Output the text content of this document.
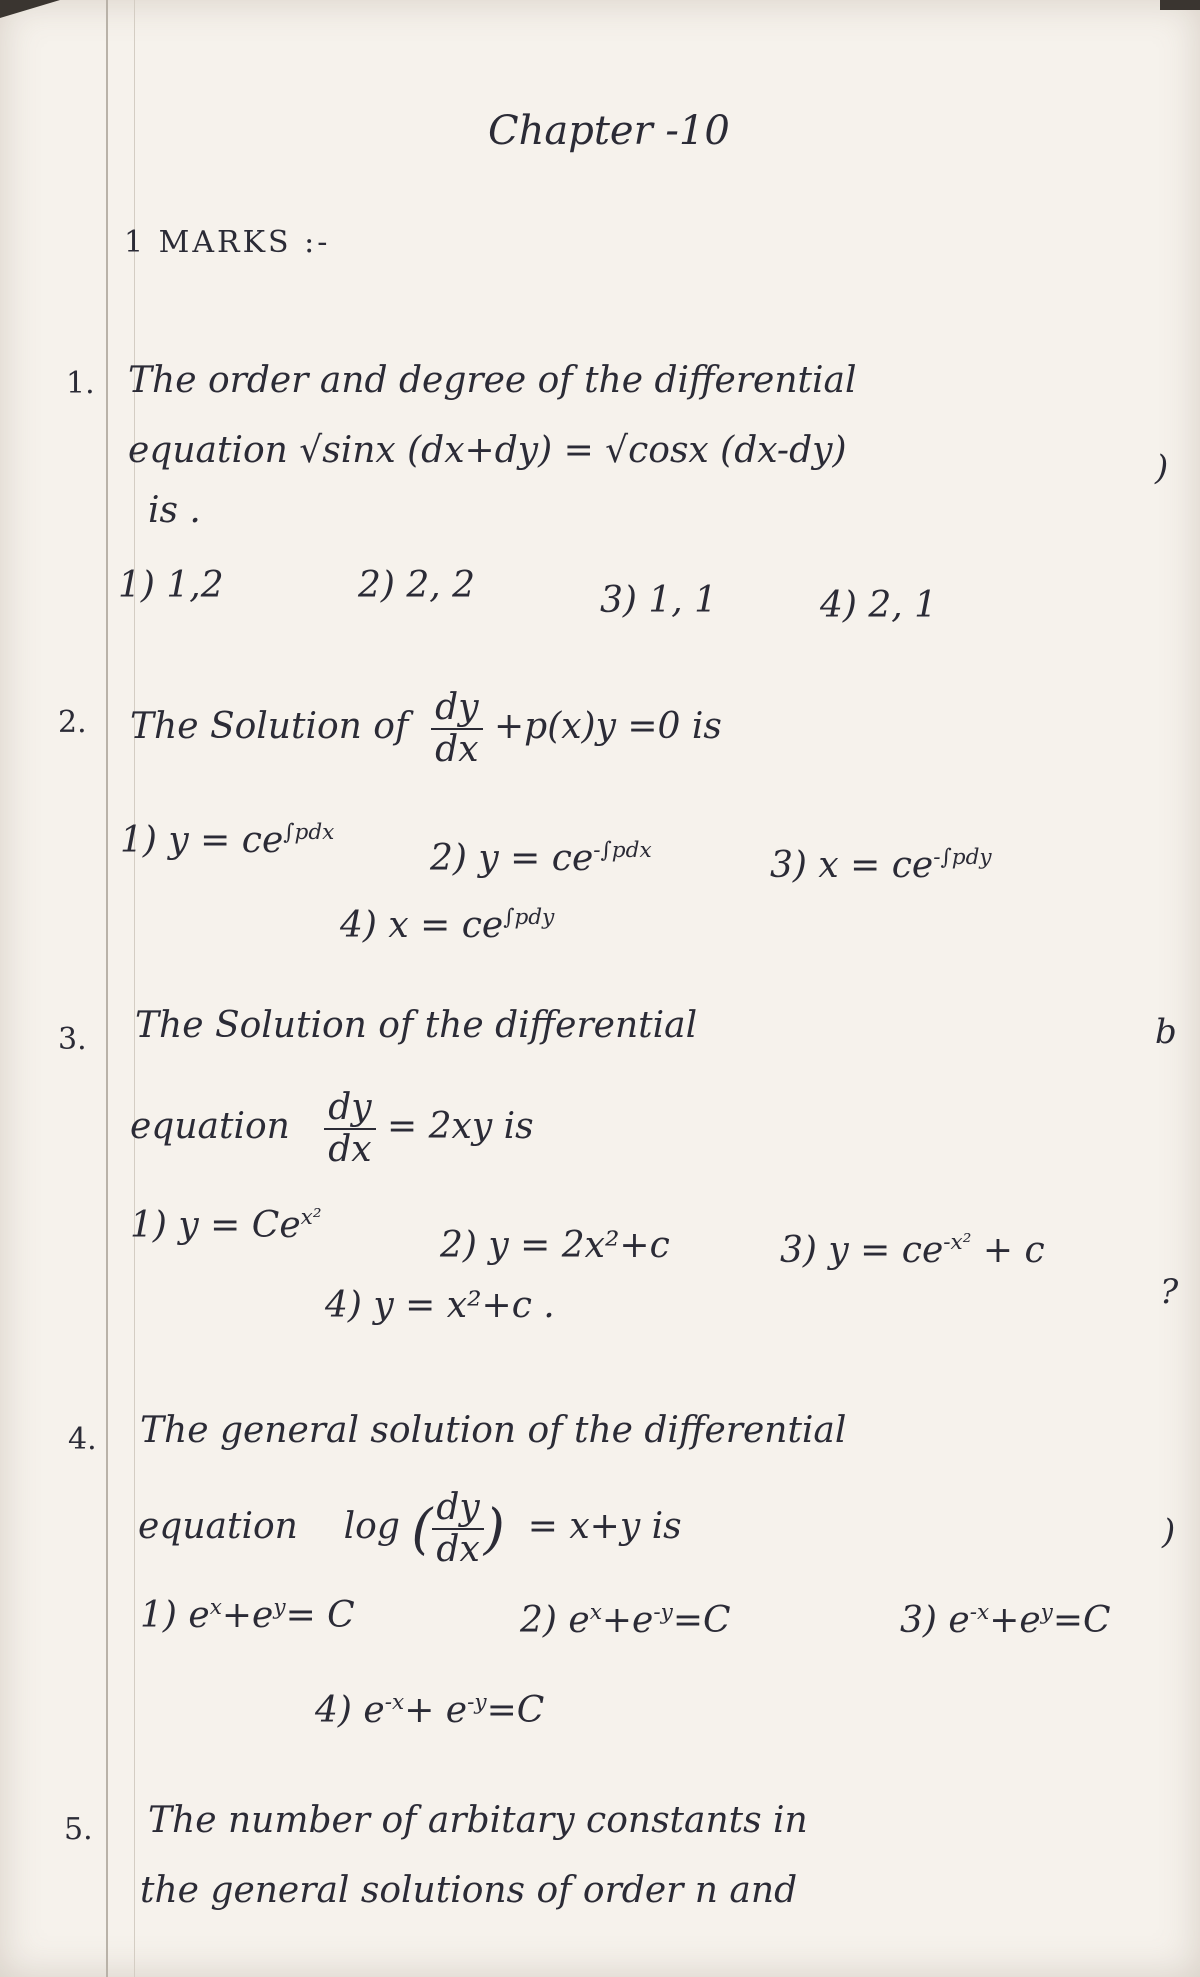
Chapter -10
1 MARKS :-
1. The order and degree of the differential
equation √sinx (dx+dy) = √cosx (dx-dy)
is .
1) 1,2	2) 2, 2	3) 1, 1	4) 2, 1
)
2. The Solution of $\frac{dy}{dx} +p(x)y =0$ is
1) $y = ce^{\int pdx}$
2) $y = ce^{-\int pdx}$	3) $x = ce^{-\int pdy}$
4) $x = ce^{\int pdy}$
3. The Solution of the differential
equation $\frac{dy}{dx} = 2xy$ is
1) $y = Ce^{x^2}$
2) y = 2x²+c	3) $y = ce^{-x^2} + c$
4) y = x²+c .
b
?
4. The general solution of the differential
equation log ( $\frac{dy}{dx}$ ) = x+y is
1) $e^x+e^y= C$	2) $e^x+e^{-y}=C$	3) $e^{-x}+e^y=C$
4) $e^{-x}+ e^{-y}=C$
)
5. The number of arbitary constants in
the general solutions of order n and
